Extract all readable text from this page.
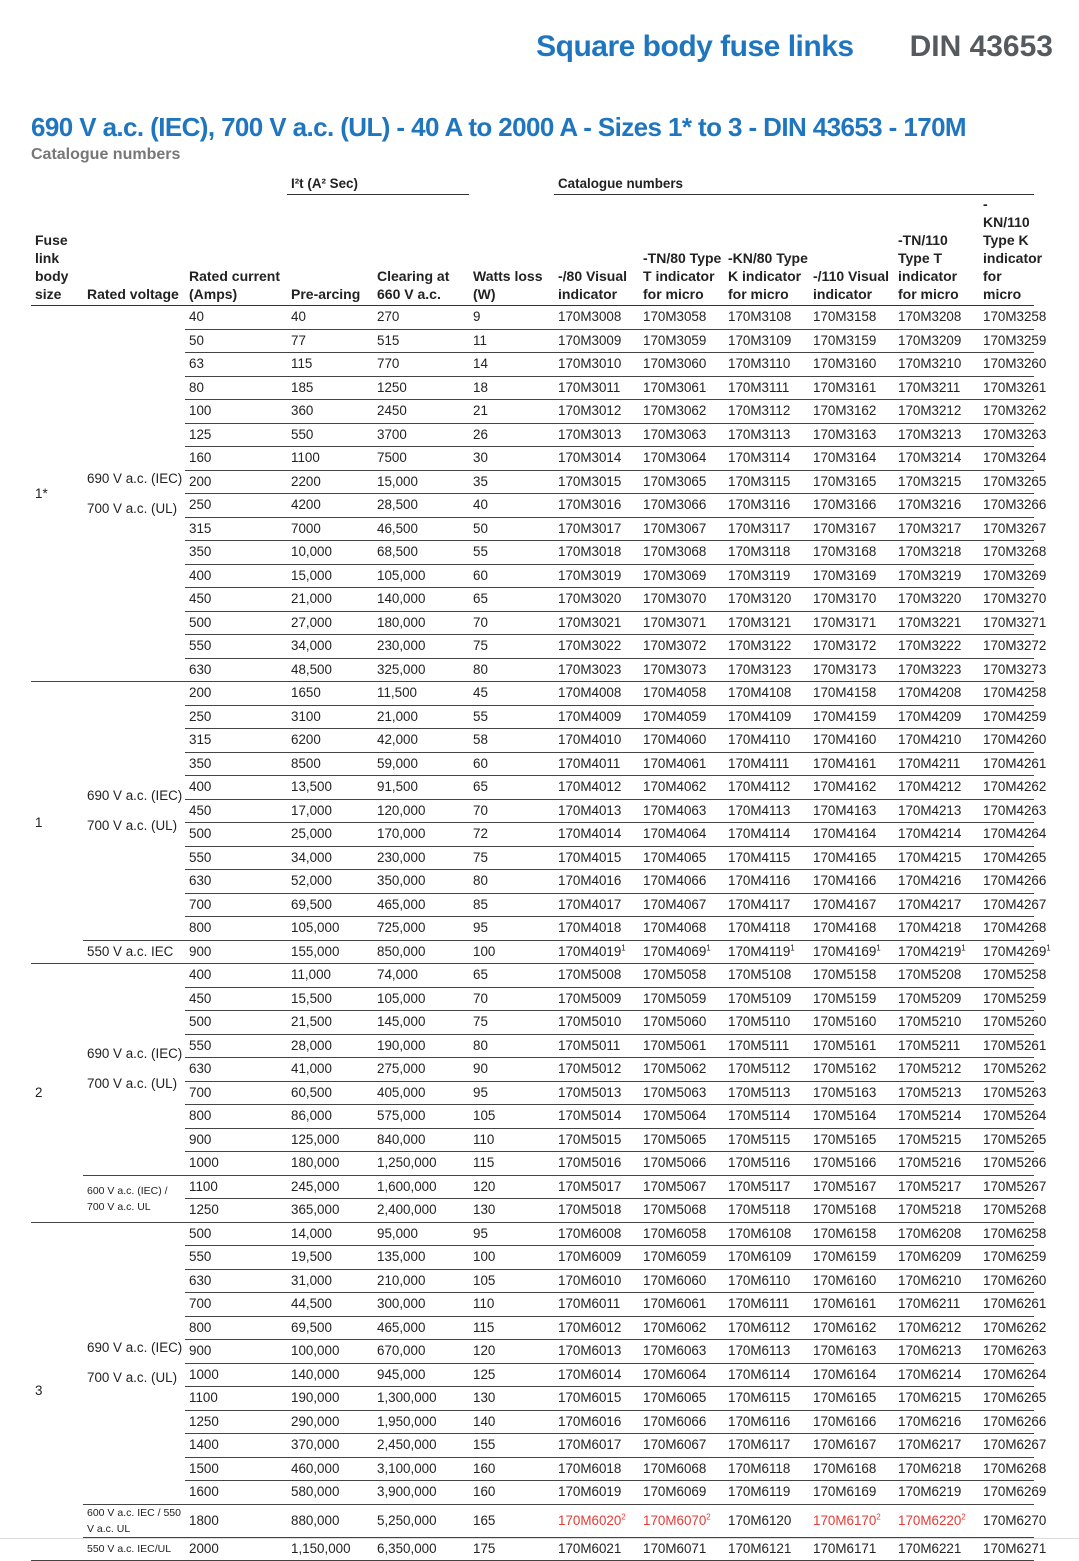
Square body fuse links DIN 43653
690 V a.c. (IEC), 700 V a.c. (UL) - 40 A to 2000 A - Sizes 1* to 3 - DIN 43653 - 170M
Catalogue numbers
			I²t (A² Sec)			Catalogue numbers					
Fuse link body size	Rated voltage	Rated current (Amps)	Pre-arcing	Clearing at 660 V a.c.	Watts loss (W)	-/80 Visual indicator	-TN/80 Type T indicator for micro	-KN/80 Type K indicator for micro	-/110 Visual indicator	-TN/110 Type T indicator for micro	-KN/110 Type K indicator for micro
1*	690 V a.c. (IEC)
700 V a.c. (UL)	40	40	270	9	170M3008	170M3058	170M3108	170M3158	170M3208	170M3258
		50	77	515	11	170M3009	170M3059	170M3109	170M3159	170M3209	170M3259
		63	115	770	14	170M3010	170M3060	170M3110	170M3160	170M3210	170M3260
		80	185	1250	18	170M3011	170M3061	170M3111	170M3161	170M3211	170M3261
		100	360	2450	21	170M3012	170M3062	170M3112	170M3162	170M3212	170M3262
		125	550	3700	26	170M3013	170M3063	170M3113	170M3163	170M3213	170M3263
		160	1100	7500	30	170M3014	170M3064	170M3114	170M3164	170M3214	170M3264
		200	2200	15,000	35	170M3015	170M3065	170M3115	170M3165	170M3215	170M3265
		250	4200	28,500	40	170M3016	170M3066	170M3116	170M3166	170M3216	170M3266
		315	7000	46,500	50	170M3017	170M3067	170M3117	170M3167	170M3217	170M3267
		350	10,000	68,500	55	170M3018	170M3068	170M3118	170M3168	170M3218	170M3268
		400	15,000	105,000	60	170M3019	170M3069	170M3119	170M3169	170M3219	170M3269
		450	21,000	140,000	65	170M3020	170M3070	170M3120	170M3170	170M3220	170M3270
		500	27,000	180,000	70	170M3021	170M3071	170M3121	170M3171	170M3221	170M3271
		550	34,000	230,000	75	170M3022	170M3072	170M3122	170M3172	170M3222	170M3272
		630	48,500	325,000	80	170M3023	170M3073	170M3123	170M3173	170M3223	170M3273
1	690 V a.c. (IEC)
700 V a.c. (UL)	200	1650	11,500	45	170M4008	170M4058	170M4108	170M4158	170M4208	170M4258
		250	3100	21,000	55	170M4009	170M4059	170M4109	170M4159	170M4209	170M4259
		315	6200	42,000	58	170M4010	170M4060	170M4110	170M4160	170M4210	170M4260
		350	8500	59,000	60	170M4011	170M4061	170M4111	170M4161	170M4211	170M4261
		400	13,500	91,500	65	170M4012	170M4062	170M4112	170M4162	170M4212	170M4262
		450	17,000	120,000	70	170M4013	170M4063	170M4113	170M4163	170M4213	170M4263
		500	25,000	170,000	72	170M4014	170M4064	170M4114	170M4164	170M4214	170M4264
		550	34,000	230,000	75	170M4015	170M4065	170M4115	170M4165	170M4215	170M4265
		630	52,000	350,000	80	170M4016	170M4066	170M4116	170M4166	170M4216	170M4266
		700	69,500	465,000	85	170M4017	170M4067	170M4117	170M4167	170M4217	170M4267
		800	105,000	725,000	95	170M4018	170M4068	170M4118	170M4168	170M4218	170M4268

	550 V a.c. IEC	900	155,000	850,000	100	170M4019$^1$	170M4069$^1$	170M4119$^1$	170M4169$^1$	170M4219$^1$	170M4269$^1$
2	690 V a.c. (IEC)
700 V a.c. (UL)	400	11,000	74,000	65	170M5008	170M5058	170M5108	170M5158	170M5208	170M5258
		450	15,500	105,000	70	170M5009	170M5059	170M5109	170M5159	170M5209	170M5259
		500	21,500	145,000	75	170M5010	170M5060	170M5110	170M5160	170M5210	170M5260
		550	28,000	190,000	80	170M5011	170M5061	170M5111	170M5161	170M5211	170M5261
		630	41,000	275,000	90	170M5012	170M5062	170M5112	170M5162	170M5212	170M5262
		700	60,500	405,000	95	170M5013	170M5063	170M5113	170M5163	170M5213	170M5263
		800	86,000	575,000	105	170M5014	170M5064	170M5114	170M5164	170M5214	170M5264
		900	125,000	840,000	110	170M5015	170M5065	170M5115	170M5165	170M5215	170M5265
		1000	180,000	1,250,000	115	170M5016	170M5066	170M5116	170M5166	170M5216	170M5266

	600 V a.c. (IEC) / 700 V a.c. UL	1100	245,000	1,600,000	120	170M5017	170M5067	170M5117	170M5167	170M5217	170M5267
		1250	365,000	2,400,000	130	170M5018	170M5068	170M5118	170M5168	170M5218	170M5268
3	690 V a.c. (IEC)
700 V a.c. (UL)	500	14,000	95,000	95	170M6008	170M6058	170M6108	170M6158	170M6208	170M6258
		550	19,500	135,000	100	170M6009	170M6059	170M6109	170M6159	170M6209	170M6259
		630	31,000	210,000	105	170M6010	170M6060	170M6110	170M6160	170M6210	170M6260
		700	44,500	300,000	110	170M6011	170M6061	170M6111	170M6161	170M6211	170M6261
		800	69,500	465,000	115	170M6012	170M6062	170M6112	170M6162	170M6212	170M6262
		900	100,000	670,000	120	170M6013	170M6063	170M6113	170M6163	170M6213	170M6263
		1000	140,000	945,000	125	170M6014	170M6064	170M6114	170M6164	170M6214	170M6264
		1100	190,000	1,300,000	130	170M6015	170M6065	170M6115	170M6165	170M6215	170M6265
		1250	290,000	1,950,000	140	170M6016	170M6066	170M6116	170M6166	170M6216	170M6266
		1400	370,000	2,450,000	155	170M6017	170M6067	170M6117	170M6167	170M6217	170M6267
		1500	460,000	3,100,000	160	170M6018	170M6068	170M6118	170M6168	170M6218	170M6268
		1600	580,000	3,900,000	160	170M6019	170M6069	170M6119	170M6169	170M6219	170M6269

	600 V a.c. IEC / 550 V a.c. UL	1800	880,000	5,250,000	165	170M6020$^2$	170M6070$^2$	170M6120	170M6170$^2$	170M6220$^2$	170M6270

	550 V a.c. IEC/UL	2000	1,150,000	6,350,000	175	170M6021	170M6071	170M6121	170M6171	170M6221	170M6271
